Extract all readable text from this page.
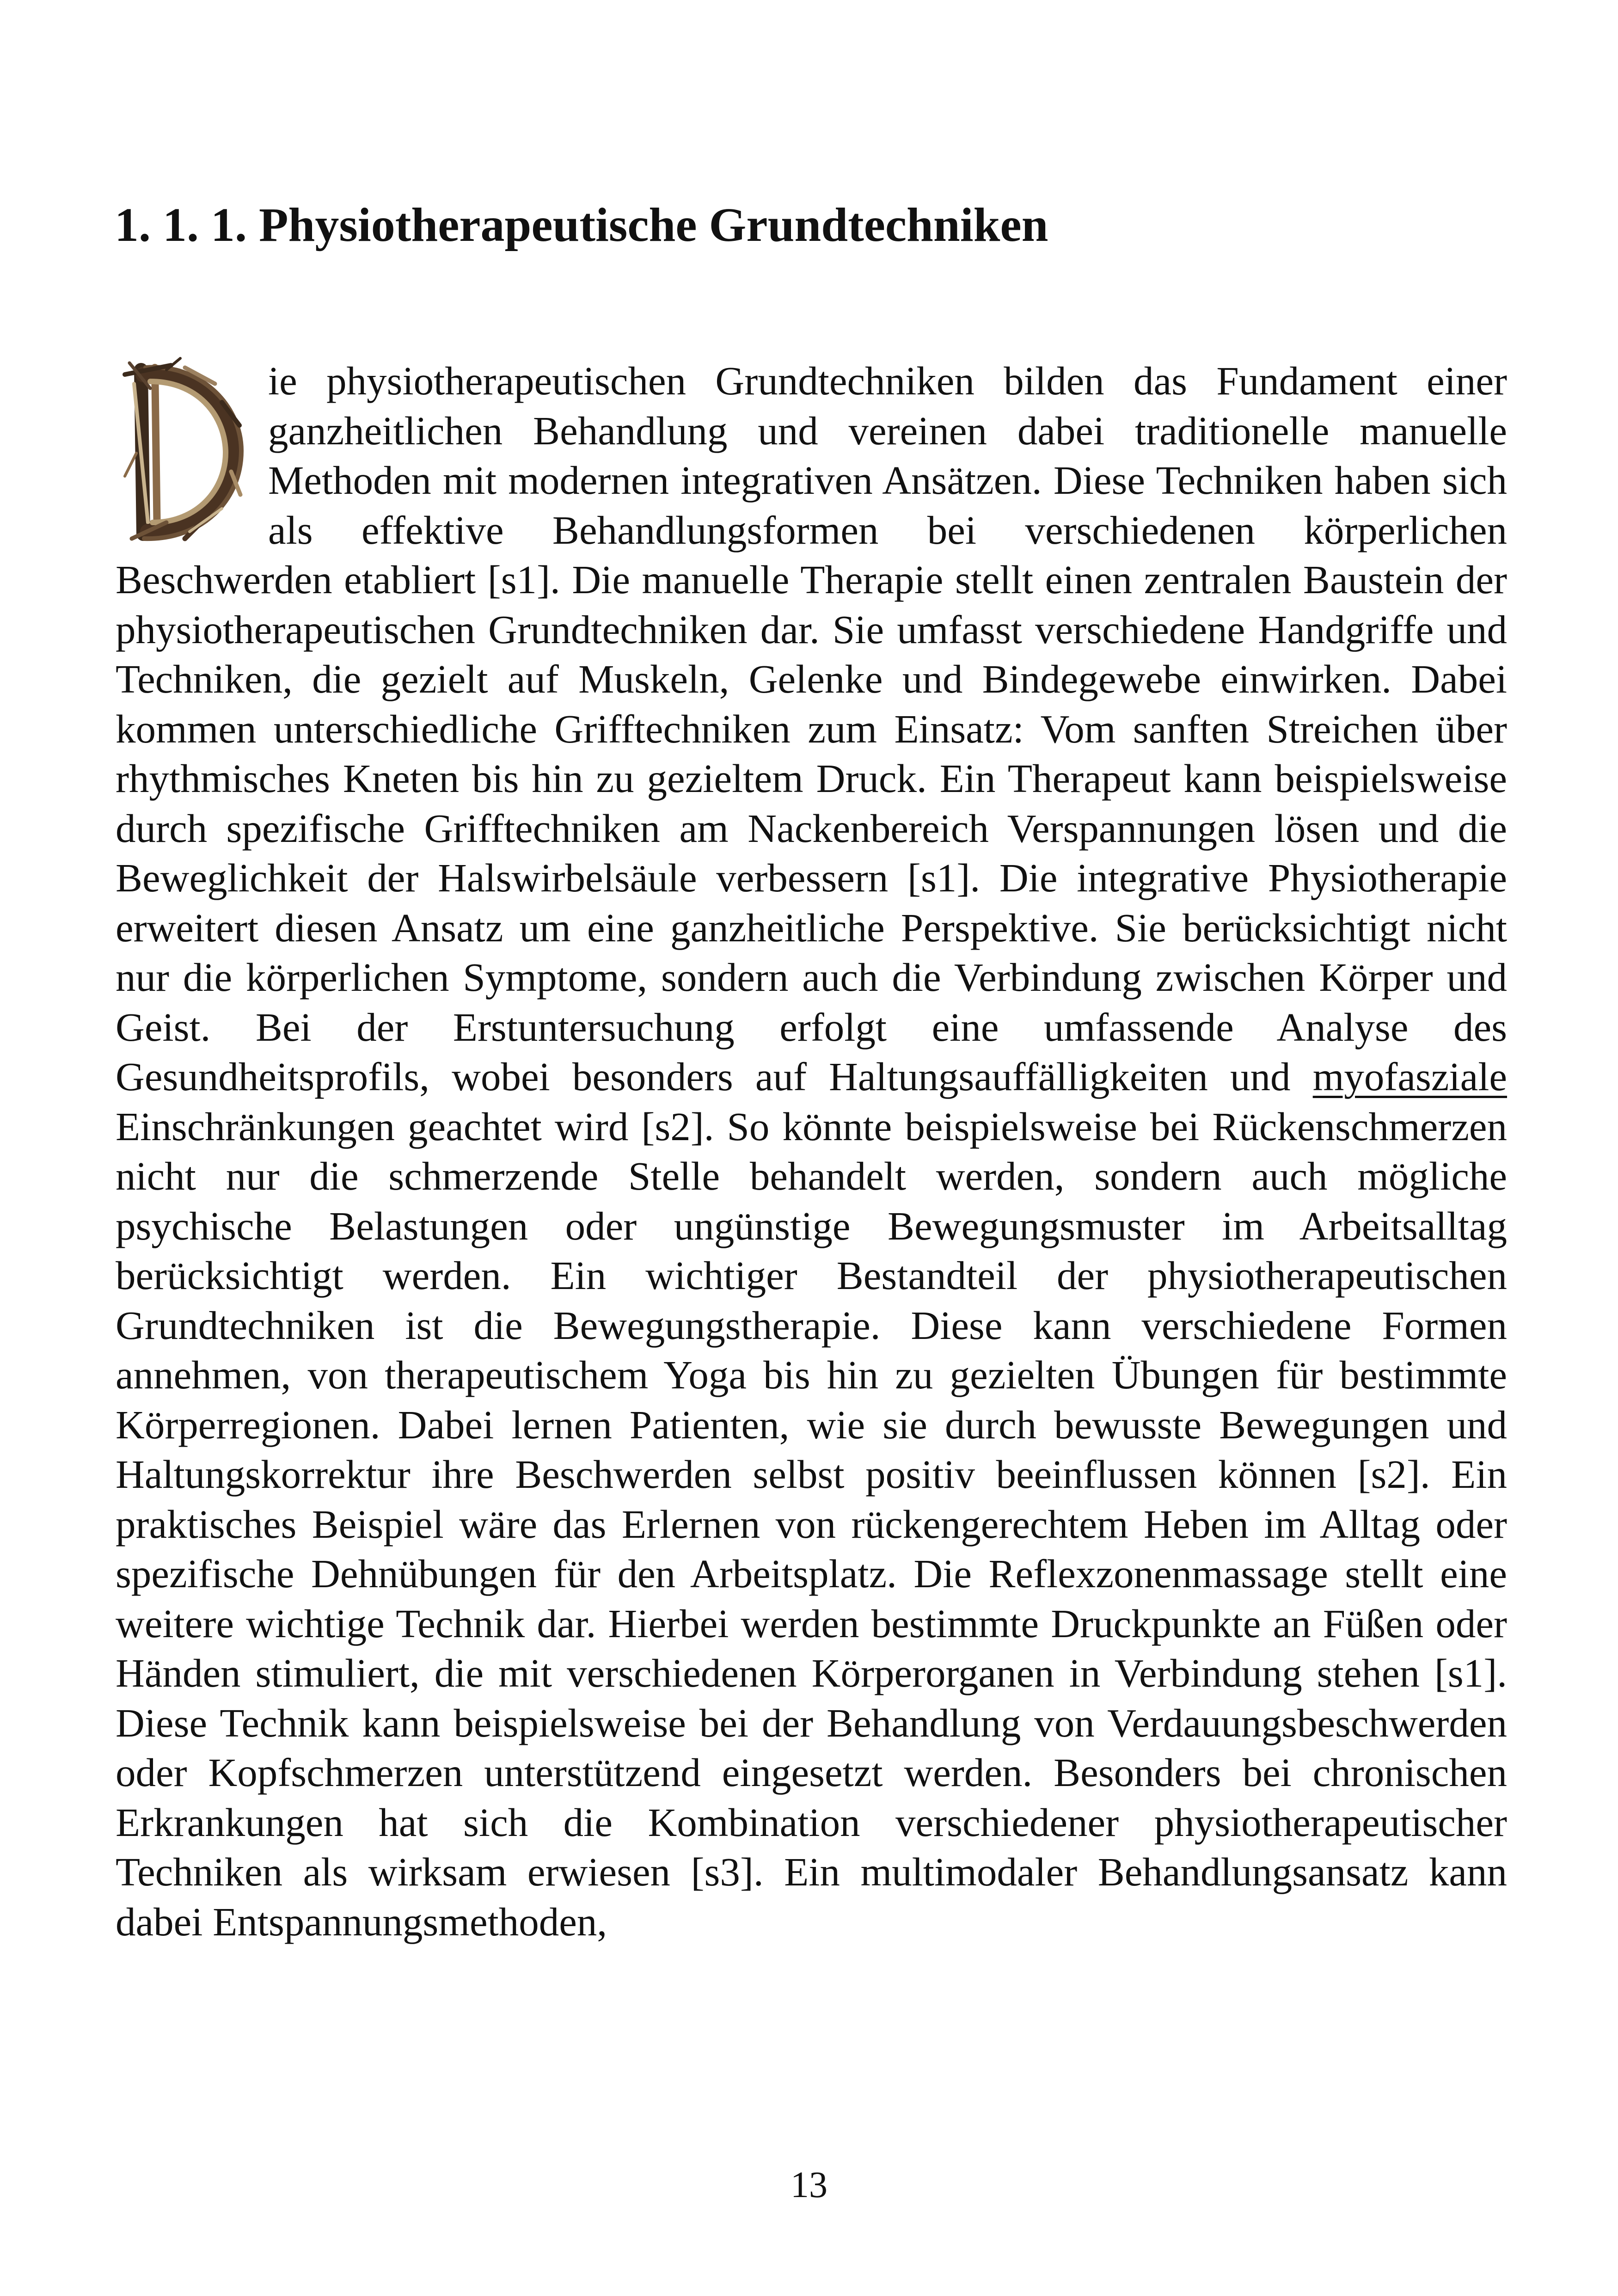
1. 1. 1. Physiotherapeutische Grundtechniken

ie physiotherapeutischen Grundtechniken bilden das Fundament einer ganzheitlichen Behandlung und vereinen dabei traditionelle manuelle Methoden mit modernen integrativen Ansätzen. Diese Techniken haben sich als effektive Behandlungsformen bei verschiedenen körperlichen Beschwerden etabliert [s1]. Die manuelle Therapie stellt einen zentralen Baustein der physiotherapeutischen Grundtechniken dar. Sie umfasst verschiedene Handgriffe und Techniken, die gezielt auf Muskeln, Gelenke und Bindegewebe einwirken. Dabei kommen unterschiedliche Grifftechniken zum Einsatz: Vom sanften Streichen über rhythmisches Kneten bis hin zu gezieltem Druck. Ein Therapeut kann beispielsweise durch spezifische Grifftechniken am Nackenbereich Verspannungen lösen und die Beweglichkeit der Halswirbelsäule verbessern [s1]. Die integrative Physiotherapie erweitert diesen Ansatz um eine ganzheitliche Perspektive. Sie berücksichtigt nicht nur die körperlichen Symptome, sondern auch die Verbindung zwischen Körper und Geist. Bei der Erstuntersuchung erfolgt eine umfassende Analyse des Gesundheitsprofils, wobei besonders auf Haltungsauffälligkeiten und myofasziale Einschränkungen geachtet wird [s2]. So könnte beispielsweise bei Rückenschmerzen nicht nur die schmerzende Stelle behandelt werden, sondern auch mögliche psychische Belastungen oder ungünstige Bewegungsmuster im Arbeitsalltag berücksichtigt werden. Ein wichtiger Bestandteil der physiotherapeutischen Grundtechniken ist die Bewegungstherapie. Diese kann verschiedene Formen annehmen, von therapeutischem Yoga bis hin zu gezielten Übungen für bestimmte Körperregionen. Dabei lernen Patienten, wie sie durch bewusste Bewegungen und Haltungskorrektur ihre Beschwerden selbst positiv beeinflussen können [s2]. Ein praktisches Beispiel wäre das Erlernen von rückengerechtem Heben im Alltag oder spezifische Dehnübungen für den Arbeitsplatz. Die Reflexzonenmassage stellt eine weitere wichtige Technik dar. Hierbei werden bestimmte Druckpunkte an Füßen oder Händen stimuliert, die mit verschiedenen Körperorganen in Verbindung stehen [s1]. Diese Technik kann beispielsweise bei der Behandlung von Verdauungsbeschwerden oder Kopfschmerzen unterstützend eingesetzt werden. Besonders bei chronischen Erkrankungen hat sich die Kombination verschiedener physiotherapeutischer Techniken als wirksam erwiesen [s3]. Ein multimodaler Behandlungsansatz kann dabei Entspannungsmethoden,

13
